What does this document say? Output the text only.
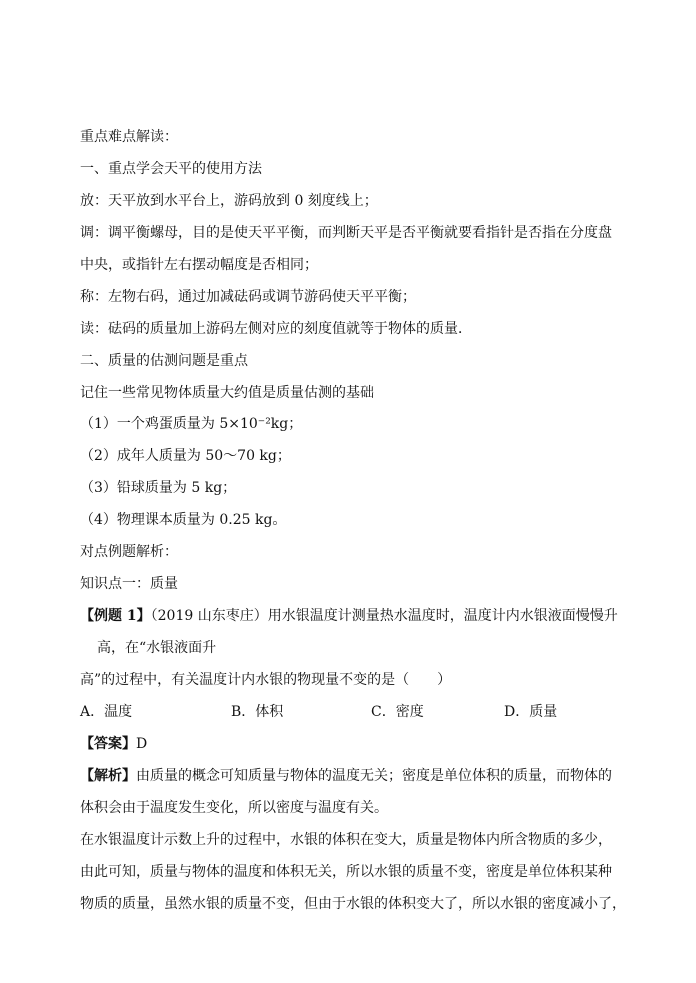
重点难点解读：
一、重点学会天平的使用方法
放：天平放到水平台上，游码放到 0 刻度线上；
调：调平衡螺母，目的是使天平平衡，而判断天平是否平衡就要看指针是否指在分度盘
中央，或指针左右摆动幅度是否相同；
称：左物右码，通过加减砝码或调节游码使天平平衡；
读：砝码的质量加上游码左侧对应的刻度值就等于物体的质量．
二、质量的估测问题是重点
记住一些常见物体质量大约值是质量估测的基础
（1）一个鸡蛋质量为 5×10⁻²kg；
（2）成年人质量为 50～70 kg；
（3）铅球质量为 5 kg；
（4）物理课本质量为 0.25 kg。
对点例题解析：
知识点一：质量
【例题 1】（2019 山东枣庄）用水银温度计测量热水温度时，温度计内水银液面慢慢升
高，在“水银液面升
高”的过程中，有关温度计内水银的物现量不变的是（　　）
A．温度	B．体积	C．密度	D．质量
【答案】D
【解析】由质量的概念可知质量与物体的温度无关；密度是单位体积的质量，而物体的
体积会由于温度发生变化，所以密度与温度有关。
在水银温度计示数上升的过程中，水银的体积在变大，质量是物体内所含物质的多少，
由此可知，质量与物体的温度和体积无关，所以水银的质量不变，密度是单位体积某种
物质的质量，虽然水银的质量不变，但由于水银的体积变大了，所以水银的密度减小了，
